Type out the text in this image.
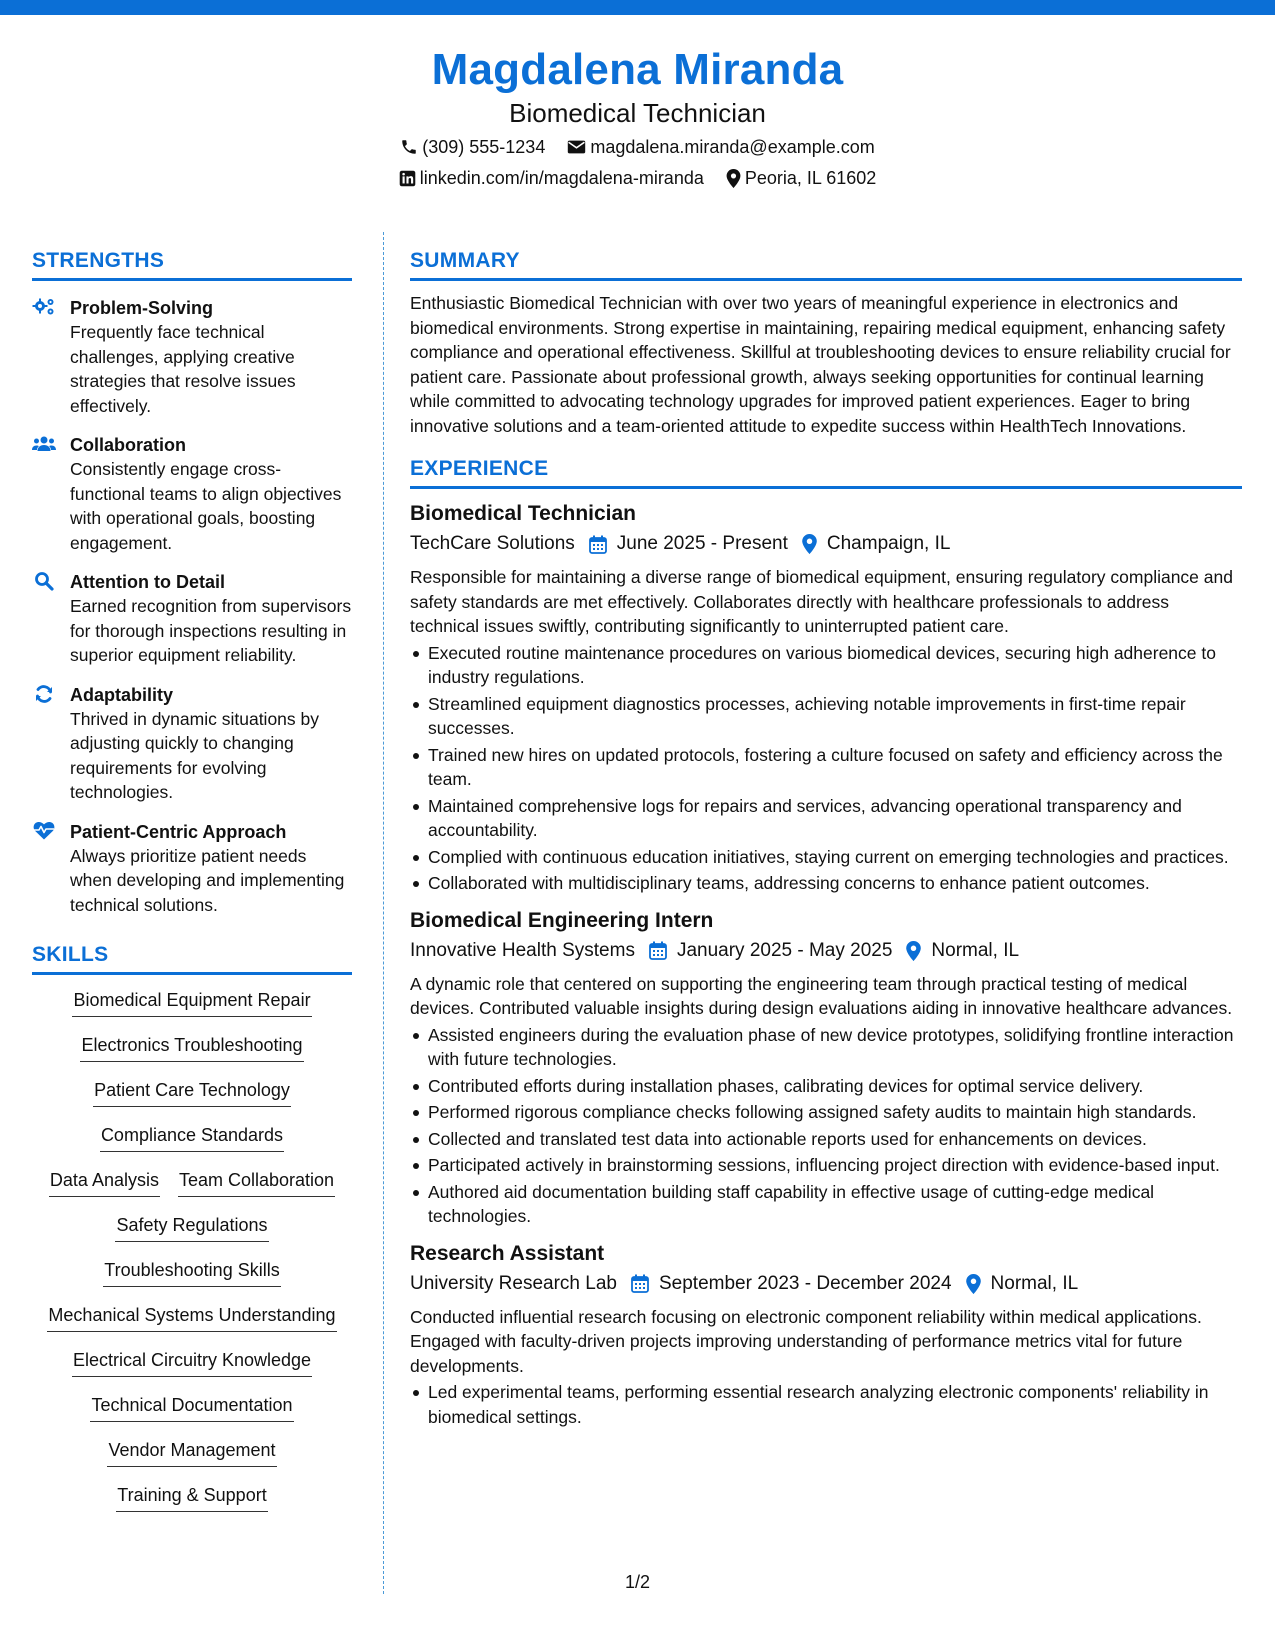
Magdalena Miranda
Biomedical Technician
(309) 555-1234	magdalena.miranda@example.com
linkedin.com/in/magdalena-miranda Peoria, IL 61602
STRENGTHS
Problem-Solving
Frequently face technical challenges, applying creative strategies that resolve issues effectively.
Collaboration
Consistently engage cross-functional teams to align objectives with operational goals, boosting engagement.
Attention to Detail
Earned recognition from supervisors for thorough inspections resulting in superior equipment reliability.
Adaptability
Thrived in dynamic situations by adjusting quickly to changing requirements for evolving technologies.
Patient-Centric Approach
Always prioritize patient needs when developing and implementing technical solutions.
SKILLS
Biomedical Equipment Repair
Electronics Troubleshooting
Patient Care Technology
Compliance Standards
Data Analysis Team Collaboration
Safety Regulations
Troubleshooting Skills
Mechanical Systems Understanding
Electrical Circuitry Knowledge
Technical Documentation
Vendor Management
Training & Support
SUMMARY

Enthusiastic Biomedical Technician with over two years of meaningful experience in electronics and biomedical environments. Strong expertise in maintaining, repairing medical equipment, enhancing safety compliance and operational effectiveness. Skillful at troubleshooting devices to ensure reliability crucial for patient care. Passionate about professional growth, always seeking opportunities for continual learning while committed to advocating technology upgrades for improved patient experiences. Eager to bring innovative solutions and a team-oriented attitude to expedite success within HealthTech Innovations.

EXPERIENCE
Biomedical Technician
TechCare Solutions June 2025 - Present Champaign, IL

Responsible for maintaining a diverse range of biomedical equipment, ensuring regulatory compliance and safety standards are met effectively. Collaborates directly with healthcare professionals to address technical issues swiftly, contributing significantly to uninterrupted patient care.

Executed routine maintenance procedures on various biomedical devices, securing high adherence to industry regulations.
Streamlined equipment diagnostics processes, achieving notable improvements in first-time repair successes.
Trained new hires on updated protocols, fostering a culture focused on safety and efficiency across the team.
Maintained comprehensive logs for repairs and services, advancing operational transparency and accountability.
Complied with continuous education initiatives, staying current on emerging technologies and practices.
Collaborated with multidisciplinary teams, addressing concerns to enhance patient outcomes.
Biomedical Engineering Intern
Innovative Health Systems January 2025 - May 2025 Normal, IL

A dynamic role that centered on supporting the engineering team through practical testing of medical devices. Contributed valuable insights during design evaluations aiding in innovative healthcare advances.

Assisted engineers during the evaluation phase of new device prototypes, solidifying frontline interaction with future technologies.
Contributed efforts during installation phases, calibrating devices for optimal service delivery.
Performed rigorous compliance checks following assigned safety audits to maintain high standards.
Collected and translated test data into actionable reports used for enhancements on devices.
Participated actively in brainstorming sessions, influencing project direction with evidence-based input.
Authored aid documentation building staff capability in effective usage of cutting-edge medical technologies.
Research Assistant
University Research Lab September 2023 - December 2024 Normal, IL

Conducted influential research focusing on electronic component reliability within medical applications. Engaged with faculty-driven projects improving understanding of performance metrics vital for future developments.

Led experimental teams, performing essential research analyzing electronic components' reliability in biomedical settings.
1/2
